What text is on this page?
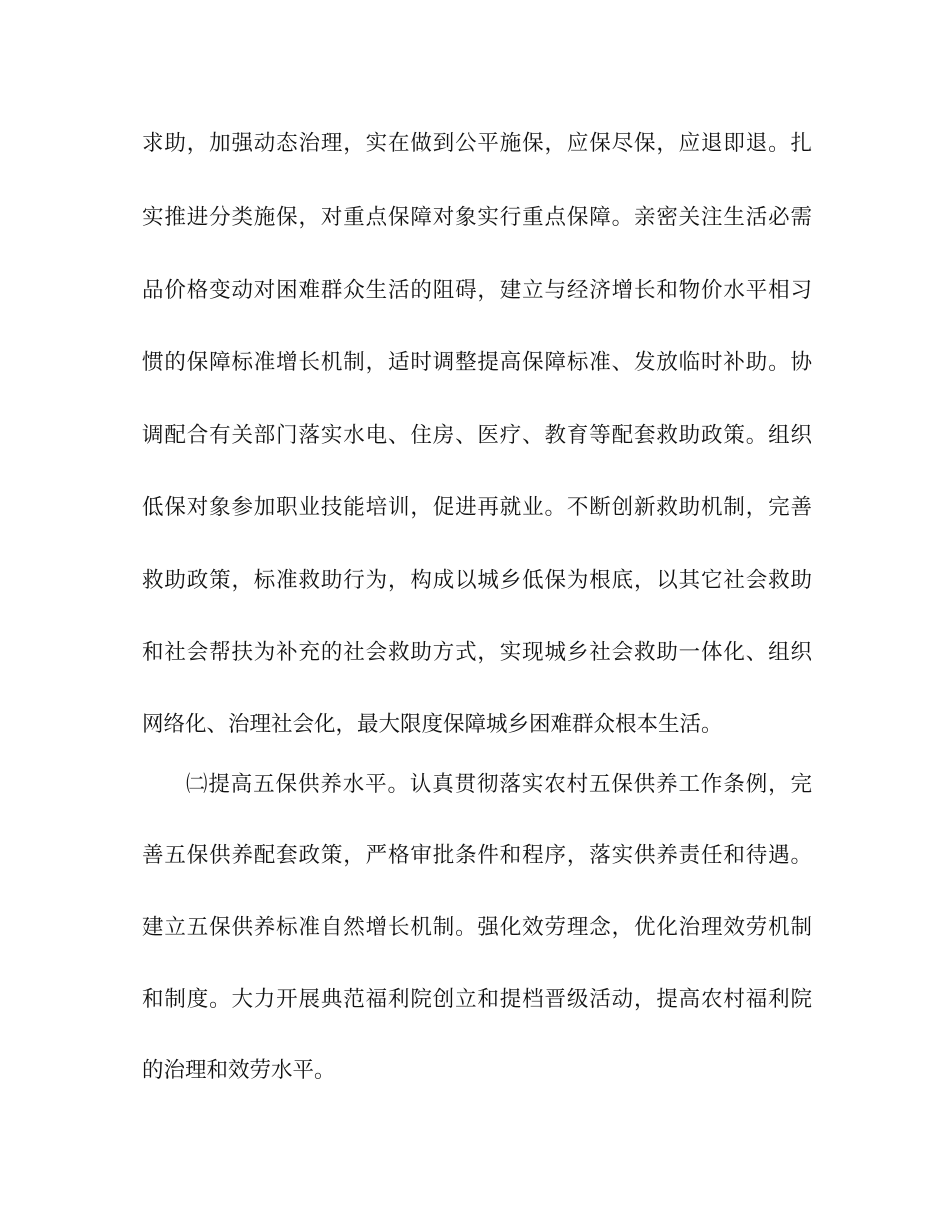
求助，加强动态治理，实在做到公平施保，应保尽保，应退即退。扎
实推进分类施保，对重点保障对象实行重点保障。亲密关注生活必需
品价格变动对困难群众生活的阻碍，建立与经济增长和物价水平相习
惯的保障标准增长机制，适时调整提高保障标准、发放临时补助。协
调配合有关部门落实水电、住房、医疗、教育等配套救助政策。组织
低保对象参加职业技能培训，促进再就业。不断创新救助机制，完善
救助政策，标准救助行为，构成以城乡低保为根底，以其它社会救助
和社会帮扶为补充的社会救助方式，实现城乡社会救助一体化、组织
网络化、治理社会化，最大限度保障城乡困难群众根本生活。
㈡提高五保供养水平。认真贯彻落实农村五保供养工作条例，完
善五保供养配套政策，严格审批条件和程序，落实供养责任和待遇。
建立五保供养标准自然增长机制。强化效劳理念，优化治理效劳机制
和制度。大力开展典范福利院创立和提档晋级活动，提高农村福利院
的治理和效劳水平。
